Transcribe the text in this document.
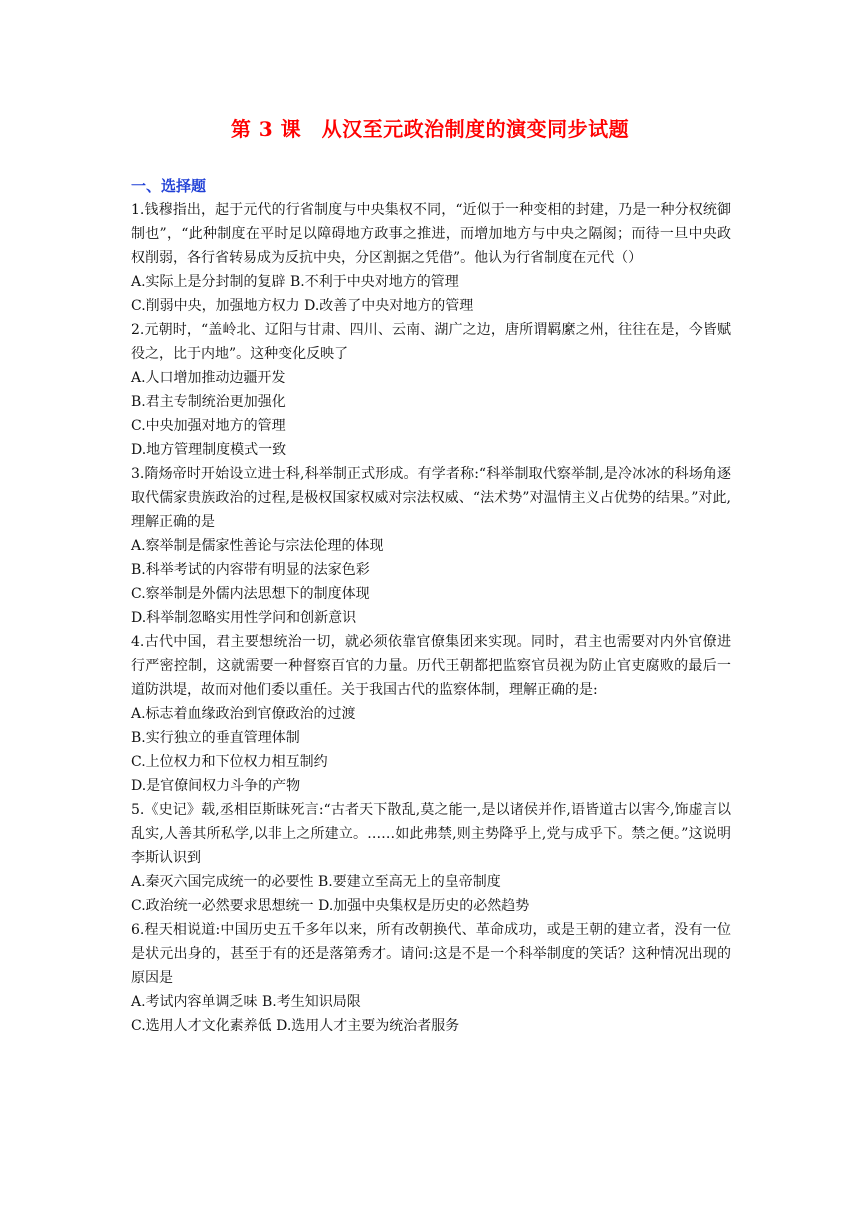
第 3 课　从汉至元政治制度的演变同步试题
一、选择题

1.钱穆指出，起于元代的行省制度与中央集权不同，“近似于一种变相的封建，乃是一种分权统御制也”，“此种制度在平时足以障碍地方政事之推进，而增加地方与中央之隔阂；而待一旦中央政权削弱，各行省转易成为反抗中央，分区割据之凭借”。他认为行省制度在元代（）

A.实际上是分封制的复辟 B.不利于中央对地方的管理

C.削弱中央，加强地方权力 D.改善了中央对地方的管理

2.元朝时，“盖岭北、辽阳与甘肃、四川、云南、湖广之边，唐所谓羁縻之州，往往在是，今皆赋役之，比于内地”。这种变化反映了

A.人口增加推动边疆开发

B.君主专制统治更加强化

C.中央加强对地方的管理

D.地方管理制度模式一致

3.隋炀帝时开始设立进士科,科举制正式形成。有学者称:“科举制取代察举制,是冷冰冰的科场角逐取代儒家贵族政治的过程,是极权国家权威对宗法权威、“法术势”对温情主义占优势的结果。”对此,理解正确的是

A.察举制是儒家性善论与宗法伦理的体现

B.科举考试的内容带有明显的法家色彩

C.察举制是外儒内法思想下的制度体现

D.科举制忽略实用性学问和创新意识

4.古代中国，君主要想统治一切，就必须依靠官僚集团来实现。同时，君主也需要对内外官僚进行严密控制，这就需要一种督察百官的力量。历代王朝都把监察官员视为防止官吏腐败的最后一道防洪堤，故而对他们委以重任。关于我国古代的监察体制，理解正确的是:

A.标志着血缘政治到官僚政治的过渡

B.实行独立的垂直管理体制

C.上位权力和下位权力相互制约

D.是官僚间权力斗争的产物

5.《史记》载,丞相臣斯昧死言:“古者天下散乱,莫之能一,是以诸侯并作,语皆道古以害今,饰虚言以乱实,人善其所私学,以非上之所建立。……如此弗禁,则主势降乎上,党与成乎下。禁之便。”这说明李斯认识到

A.秦灭六国完成统一的必要性 B.要建立至高无上的皇帝制度

C.政治统一必然要求思想统一 D.加强中央集权是历史的必然趋势

6.程天相说道:中国历史五千多年以来，所有改朝换代、革命成功，或是王朝的建立者，没有一位是状元出身的，甚至于有的还是落第秀才。请问:这是不是一个科举制度的笑话？这种情况出现的原因是

A.考试内容单调乏味 B.考生知识局限

C.选用人才文化素养低 D.选用人才主要为统治者服务
